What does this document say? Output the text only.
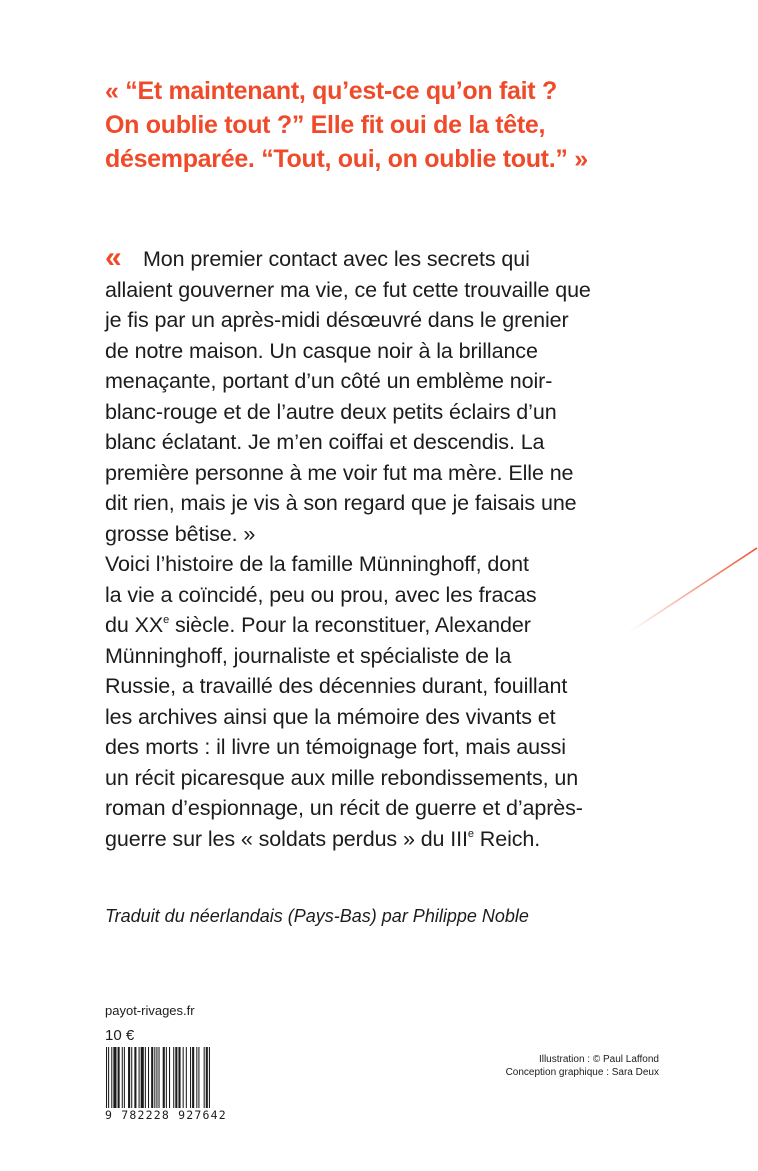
« “Et maintenant, qu’est-ce qu’on fait ?
On oublie tout ?” Elle fit oui de la tête,
désemparée. “Tout, oui, on oublie tout.” »

« Mon premier contact avec les secrets qui
allaient gouverner ma vie, ce fut cette trouvaille que
je fis par un après-midi désœuvré dans le grenier
de notre maison. Un casque noir à la brillance
menaçante, portant d’un côté un emblème noir-
blanc-rouge et de l’autre deux petits éclairs d’un
blanc éclatant. Je m’en coiffai et descendis. La
première personne à me voir fut ma mère. Elle ne
dit rien, mais je vis à son regard que je faisais une
grosse bêtise. »
Voici l’histoire de la famille Münninghoff, dont
la vie a coïncidé, peu ou prou, avec les fracas
du XXe siècle. Pour la reconstituer, Alexander
Münninghoff, journaliste et spécialiste de la
Russie, a travaillé des décennies durant, fouillant
les archives ainsi que la mémoire des vivants et
des morts : il livre un témoignage fort, mais aussi
un récit picaresque aux mille rebondissements, un
roman d’espionnage, un récit de guerre et d’après-
guerre sur les « soldats perdus » du IIIe Reich.

Traduit du néerlandais (Pays-Bas) par Philippe Noble

payot-rivages.fr
10 €
9 782228 927642
Illustration : © Paul Laffond
Conception graphique : Sara Deux
